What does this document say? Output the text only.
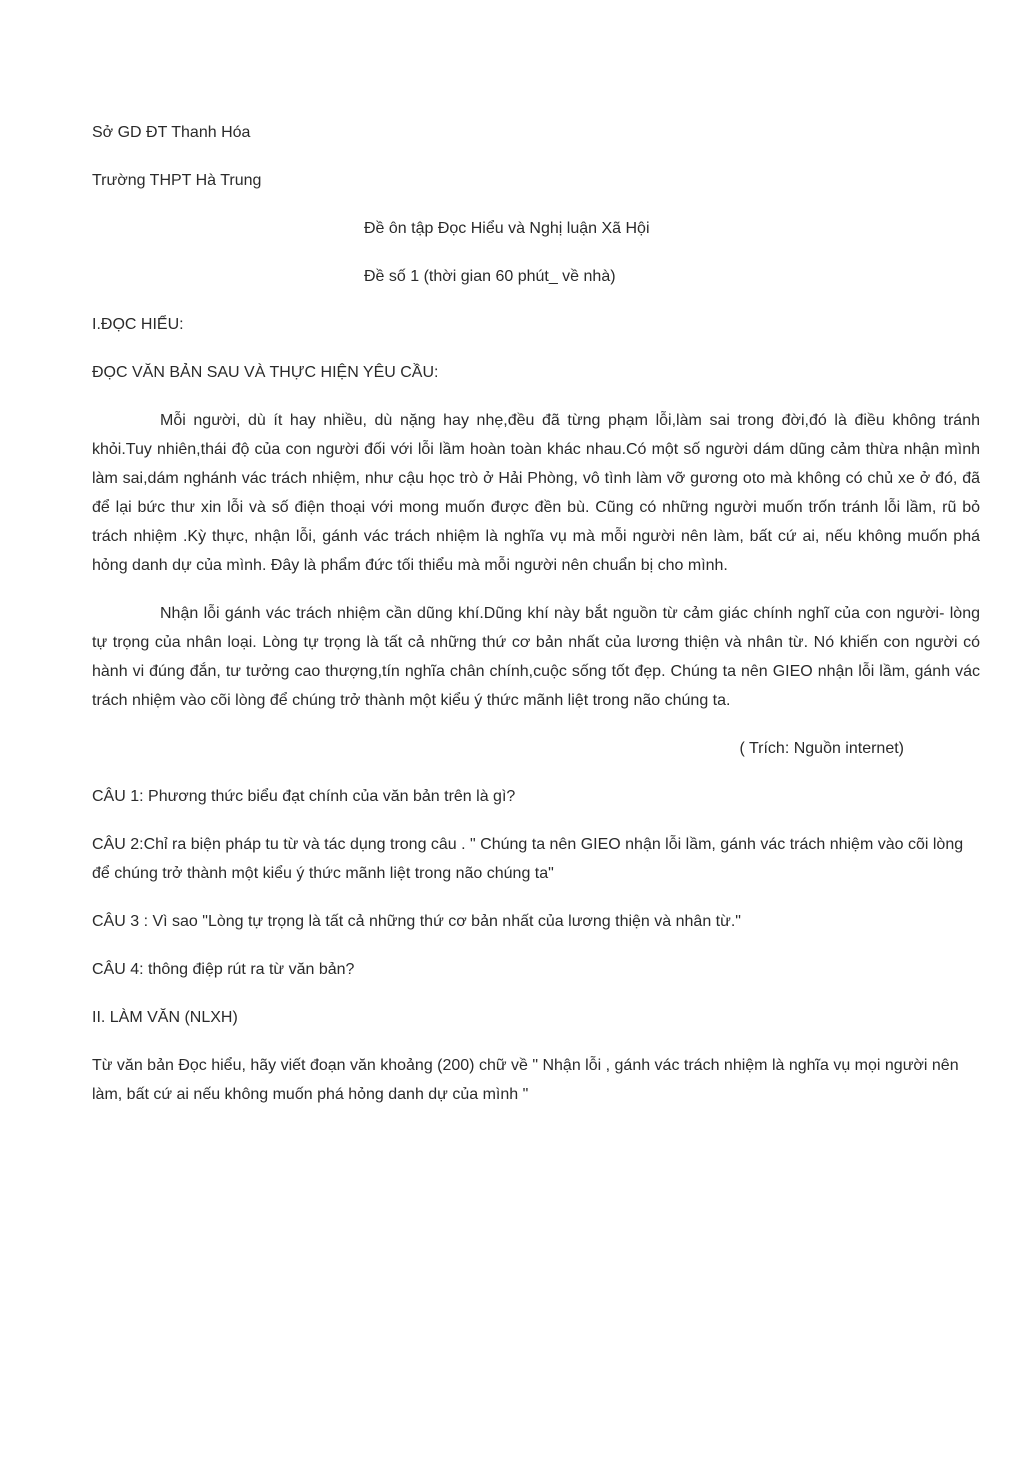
Sở GD ĐT Thanh Hóa
Trường THPT Hà Trung
Đề ôn tập Đọc Hiểu và Nghị luận Xã Hội
Đề số 1 (thời gian 60 phút_ về nhà)
I.ĐỌC HIỂU:
ĐỌC VĂN BẢN SAU VÀ THỰC HIỆN YÊU CẦU:

Mỗi người, dù ít hay nhiều, dù nặng hay nhẹ,đều đã từng phạm lỗi,làm sai trong đời,đó là điều không tránh khỏi.Tuy nhiên,thái độ của con người đối với lỗi lầm hoàn toàn khác nhau.Có một số người dám dũng cảm thừa nhận mình làm sai,dám nghánh vác trách nhiệm, như cậu học trò ở Hải Phòng, vô tình làm vỡ gương oto mà không có chủ xe ở đó, đã để lại bức thư xin lỗi và số điện thoại với mong muốn được đền bù. Cũng có những người muốn trốn tránh lỗi lầm, rũ bỏ trách nhiệm .Kỳ thực, nhận lỗi, gánh vác trách nhiệm là nghĩa vụ mà mỗi người nên làm, bất cứ ai, nếu không muốn phá hỏng danh dự của mình. Đây là phẩm đức tối thiểu mà mỗi người nên chuẩn bị cho mình.

Nhận lỗi gánh vác trách nhiệm cần dũng khí.Dũng khí này bắt nguồn từ cảm giác chính nghĩ của con người- lòng tự trọng của nhân loại. Lòng tự trọng là tất cả những thứ cơ bản nhất của lương thiện và nhân từ. Nó khiến con người có hành vi đúng đắn, tư tưởng cao thượng,tín nghĩa chân chính,cuộc sống tốt đẹp. Chúng ta nên GIEO nhận lỗi lầm, gánh vác trách nhiệm vào cõi lòng để chúng trở thành một kiểu ý thức mãnh liệt trong não chúng ta.

( Trích: Nguồn internet)
CÂU 1: Phương thức biểu đạt chính của văn bản trên là gì?
CÂU 2:Chỉ ra biện pháp tu từ và tác dụng trong câu . " Chúng ta nên GIEO nhận lỗi lầm, gánh vác trách nhiệm vào cõi lòng để chúng trở thành một kiểu ý thức mãnh liệt trong não chúng ta"
CÂU 3 : Vì sao "Lòng tự trọng là tất cả những thứ cơ bản nhất của lương thiện và nhân từ."
CÂU 4: thông điệp rút ra từ văn bản?
II. LÀM VĂN (NLXH)
Từ văn bản Đọc hiểu, hãy viết đoạn văn khoảng (200) chữ về " Nhận lỗi , gánh vác trách nhiệm là nghĩa vụ mọi người nên làm, bất cứ ai nếu không muốn phá hỏng danh dự của mình "
